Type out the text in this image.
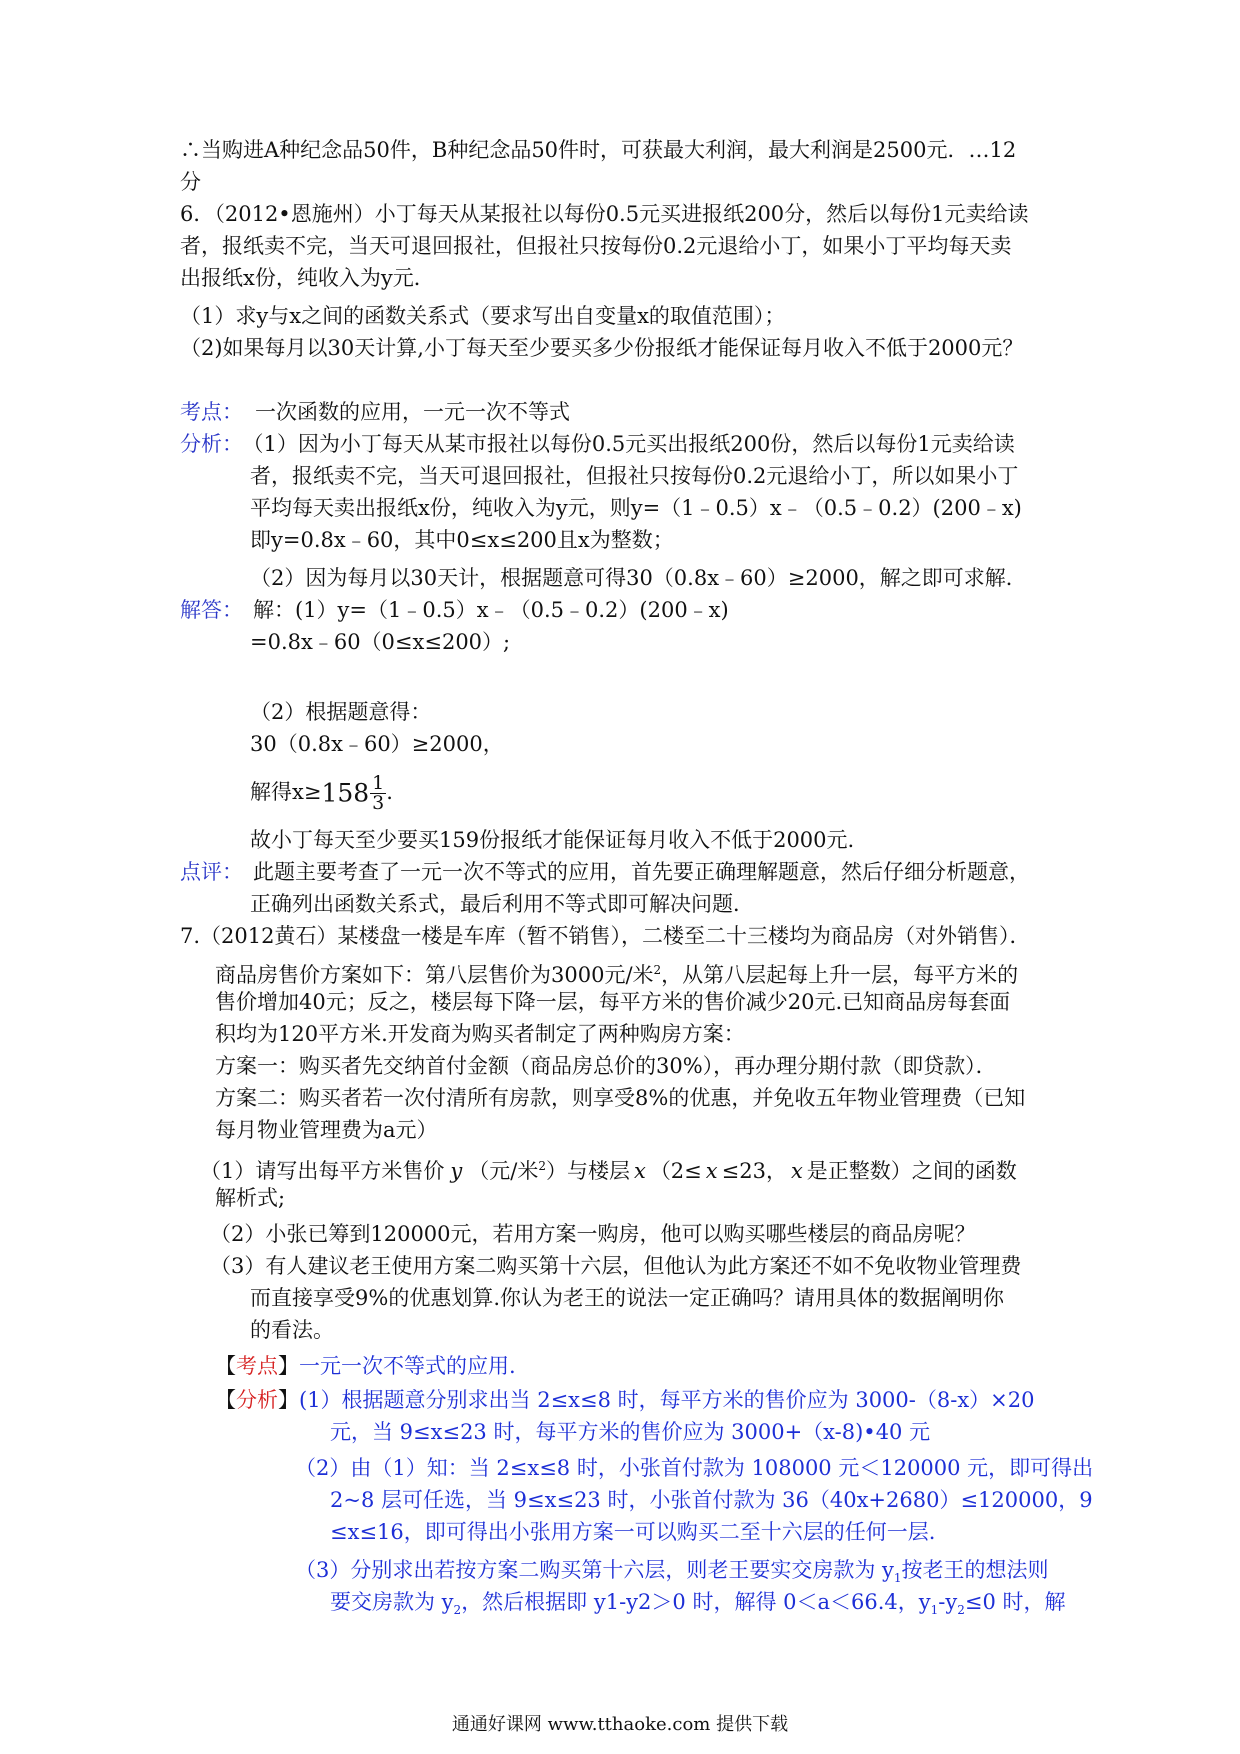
∴当购进A种纪念品50件，B种纪念品50件时，可获最大利润，最大利润是2500元．…12
分
6．（2012•恩施州）小丁每天从某报社以每份0.5元买进报纸200分，然后以每份1元卖给读
者，报纸卖不完，当天可退回报社，但报社只按每份0.2元退给小丁，如果小丁平均每天卖
出报纸x份，纯收入为y元．
（1）求y与x之间的函数关系式（要求写出自变量x的取值范围）；
（2)如果每月以30天计算,小丁每天至少要买多少份报纸才能保证每月收入不低于2000元？
考点： 一次函数的应用，一元一次不等式
分析： （1）因为小丁每天从某市报社以每份0.5元买出报纸200份，然后以每份1元卖给读
者，报纸卖不完，当天可退回报社，但报社只按每份0.2元退给小丁，所以如果小丁
平均每天卖出报纸x份，纯收入为y元，则y=（1﹣0.5）x﹣（0.5﹣0.2）(200﹣x)
即y=0.8x﹣60，其中0≤x≤200且x为整数；
（2）因为每月以30天计，根据题意可得30（0.8x﹣60）≥2000，解之即可求解．
解答： 解：(1）y=（1﹣0.5）x﹣（0.5﹣0.2）(200﹣x)
=0.8x﹣60（0≤x≤200）;
（2）根据题意得：
30（0.8x﹣60）≥2000，
解得$x\ge 158 \frac{1}{3}$ .
故小丁每天至少要买159份报纸才能保证每月收入不低于2000元.
点评： 此题主要考查了一元一次不等式的应用，首先要正确理解题意，然后仔细分析题意，
正确列出函数关系式，最后利用不等式即可解决问题．
7.（2012黄石）某楼盘一楼是车库（暂不销售），二楼至二十三楼均为商品房（对外销售）．
商品房售价方案如下：第八层售价为3000元/米$^2$，从第八层起每上升一层，每平方米的
售价增加40元；反之，楼层每下降一层，每平方米的售价减少20元.已知商品房每套面
积均为120平方米.开发商为购买者制定了两种购房方案：
方案一：购买者先交纳首付金额（商品房总价的30%），再办理分期付款（即贷款）．
方案二：购买者若一次付清所有房款，则享受8%的优惠，并免收五年物业管理费（已知
每月物业管理费为a元）
（1）请写出每平方米售价 y （元/米$^2$）与楼层 x （2≤ x ≤23， x 是正整数）之间的函数
解析式;
（2）小张已筹到120000元，若用方案一购房，他可以购买哪些楼层的商品房呢？
（3）有人建议老王使用方案二购买第十六层，但他认为此方案还不如不免收物业管理费
而直接享受9%的优惠划算.你认为老王的说法一定正确吗？请用具体的数据阐明你
的看法。
【考点】一元一次不等式的应用.
【分析】(1）根据题意分别求出当 2≤x≤8 时，每平方米的售价应为 3000-（8-x）×20
元，当 9≤x≤23 时，每平方米的售价应为 3000+（x-8)•40 元
（2）由（1）知：当 2≤x≤8 时，小张首付款为 108000 元＜120000 元，即可得出
2~8 层可任选，当 9≤x≤23 时，小张首付款为 36（40x+2680）≤120000，9
≤x≤16，即可得出小张用方案一可以购买二至十六层的任何一层.
（3）分别求出若按方案二购买第十六层，则老王要实交房款为 $y_1$按老王的想法则
要交房款为 $y_2$，然后根据即 y1-y2＞0 时，解得 0＜a＜66.4，$y_1-y_2\le 0$ 时，解
通通好课网 www.tthaoke.com 提供下载
